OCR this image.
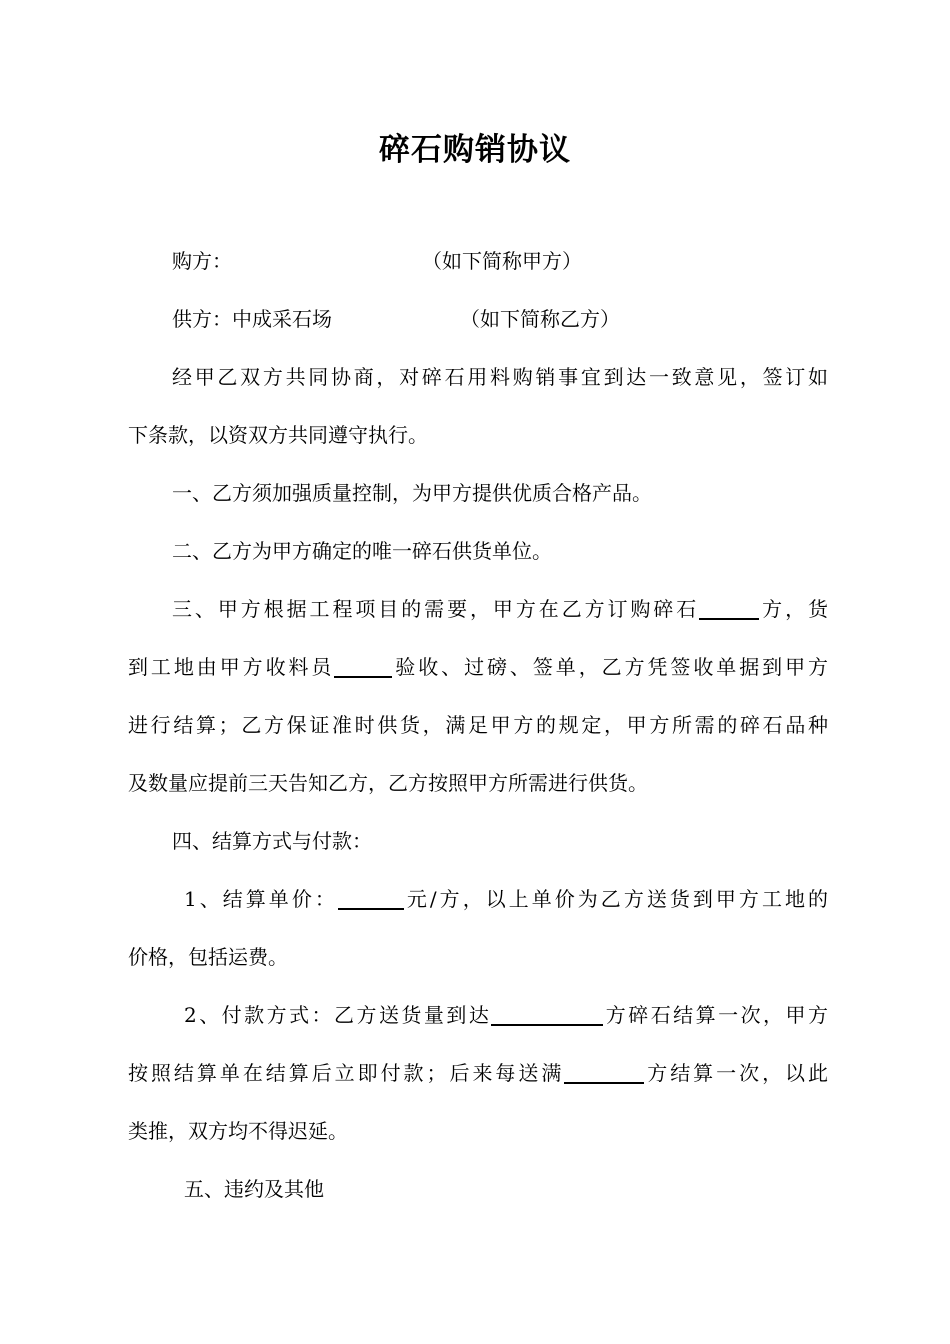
碎石购销协议
购方：	（如下简称甲方）
供方：中成采石场	（如下简称乙方）
经甲乙双方共同协商，对碎石用料购销事宜到达一致意见，签订如
下条款，以资双方共同遵守执行。
一、乙方须加强质量控制，为甲方提供优质合格产品。
二、乙方为甲方确定的唯一碎石供货单位。
三、甲方根据工程项目的需要，甲方在乙方订购碎石	方，货
到工地由甲方收料员	验收、过磅、签单，乙方凭签收单据到甲方
进行结算；乙方保证准时供货，满足甲方的规定，甲方所需的碎石品种
及数量应提前三天告知乙方，乙方按照甲方所需进行供货。
四、结算方式与付款：
1、结算单价：	元/方，以上单价为乙方送货到甲方工地的
价格，包括运费。
2、付款方式：乙方送货量到达	方碎石结算一次，甲方
按照结算单在结算后立即付款；后来每送满	方结算一次，以此
类推，双方均不得迟延。
五、违约及其他
